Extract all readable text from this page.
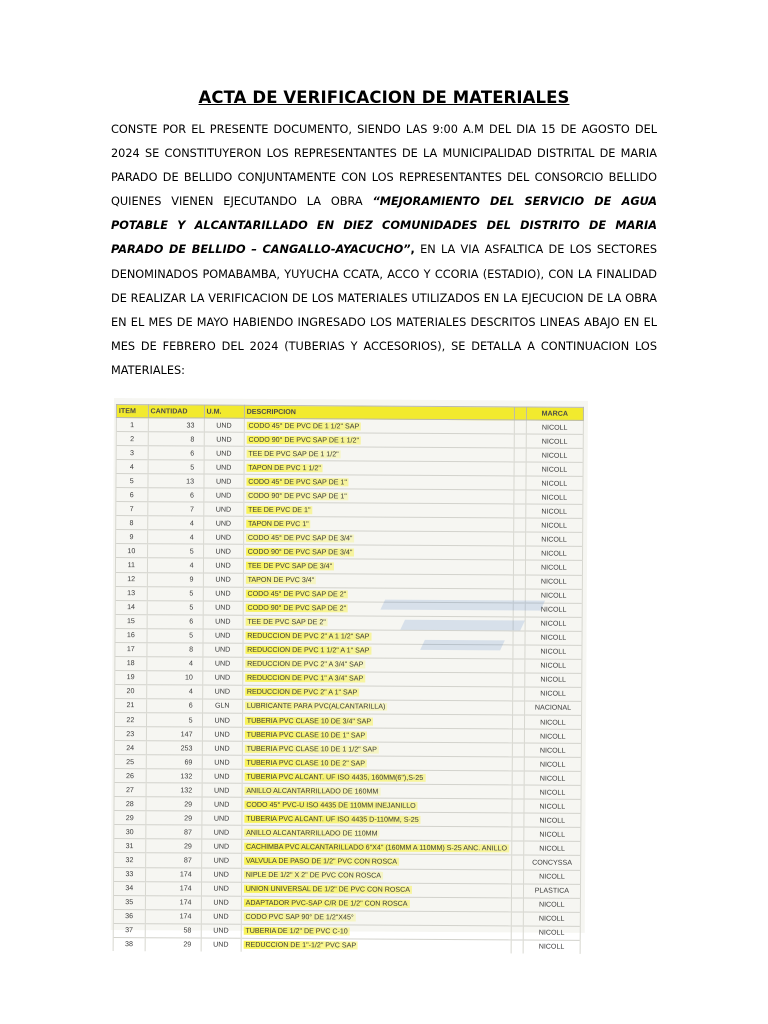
ACTA DE VERIFICACION DE MATERIALES
CONSTE POR EL PRESENTE DOCUMENTO, SIENDO LAS 9:00 A.M DEL DIA 15 DE AGOSTO DEL 2024 SE CONSTITUYERON LOS REPRESENTANTES DE LA MUNICIPALIDAD DISTRITAL DE MARIA PARADO DE BELLIDO CONJUNTAMENTE CON LOS REPRESENTANTES DEL CONSORCIO BELLIDO QUIENES VIENEN EJECUTANDO LA OBRA “MEJORAMIENTO DEL SERVICIO DE AGUA POTABLE Y ALCANTARILLADO EN DIEZ COMUNIDADES DEL DISTRITO DE MARIA PARADO DE BELLIDO – CANGALLO-AYACUCHO”, EN LA VIA ASFALTICA DE LOS SECTORES DENOMINADOS POMABAMBA, YUYUCHA CCATA, ACCO Y CCORIA (ESTADIO), CON LA FINALIDAD DE REALIZAR LA VERIFICACION DE LOS MATERIALES UTILIZADOS EN LA EJECUCION DE LA OBRA EN EL MES DE MAYO HABIENDO INGRESADO LOS MATERIALES DESCRITOS LINEAS ABAJO EN EL MES DE FEBRERO DEL 2024 (TUBERIAS Y ACCESORIOS), SE DETALLA A CONTINUACION LOS MATERIALES:
ITEM	CANTIDAD	U.M.	DESCRIPCION		MARCA
1	33	UND	CODO 45° DE PVC DE 1 1/2" SAP		NICOLL
2	8	UND	CODO 90° DE PVC SAP DE 1 1/2"		NICOLL
3	6	UND	TEE DE PVC SAP DE 1 1/2"		NICOLL
4	5	UND	TAPON DE PVC 1 1/2"		NICOLL
5	13	UND	CODO 45° DE PVC SAP DE 1"		NICOLL
6	6	UND	CODO 90° DE PVC SAP DE 1"		NICOLL
7	7	UND	TEE DE PVC DE 1"		NICOLL
8	4	UND	TAPON DE PVC 1"		NICOLL
9	4	UND	CODO 45° DE PVC SAP DE 3/4"		NICOLL
10	5	UND	CODO 90° DE PVC SAP DE 3/4"		NICOLL
11	4	UND	TEE DE PVC SAP DE 3/4"		NICOLL
12	9	UND	TAPON DE PVC 3/4"		NICOLL
13	5	UND	CODO 45° DE PVC SAP DE 2"		NICOLL
14	5	UND	CODO 90° DE PVC SAP DE 2"		NICOLL
15	6	UND	TEE DE PVC SAP DE 2"		NICOLL
16	5	UND	REDUCCION DE PVC 2" A 1 1/2" SAP		NICOLL
17	8	UND	REDUCCION DE PVC 1 1/2" A 1" SAP		NICOLL
18	4	UND	REDUCCION DE PVC 2" A 3/4" SAP		NICOLL
19	10	UND	REDUCCION DE PVC 1" A 3/4" SAP		NICOLL
20	4	UND	REDUCCION DE PVC 2" A 1" SAP		NICOLL
21	6	GLN	LUBRICANTE PARA PVC(ALCANTARILLA)		NACIONAL
22	5	UND	TUBERIA PVC CLASE 10 DE 3/4" SAP		NICOLL
23	147	UND	TUBERIA PVC CLASE 10 DE 1" SAP		NICOLL
24	253	UND	TUBERIA PVC CLASE 10 DE 1 1/2" SAP		NICOLL
25	69	UND	TUBERIA PVC CLASE 10 DE 2" SAP		NICOLL
26	132	UND	TUBERIA PVC ALCANT. UF ISO 4435, 160MM(6"),S-25		NICOLL
27	132	UND	ANILLO ALCANTARRILLADO DE 160MM		NICOLL
28	29	UND	CODO 45° PVC-U ISO 4435 DE 110MM INEJANILLO		NICOLL
29	29	UND	TUBERIA PVC ALCANT. UF ISO 4435 D-110MM, S-25		NICOLL
30	87	UND	ANILLO ALCANTARRILLADO DE 110MM		NICOLL
31	29	UND	CACHIMBA PVC ALCANTARILLADO 6"X4" (160MM A 110MM) S-25 ANC. ANILLO		NICOLL
32	87	UND	VALVULA DE PASO DE 1/2" PVC CON ROSCA		CONCYSSA
33	174	UND	NIPLE DE 1/2" X 2" DE PVC CON ROSCA		NICOLL
34	174	UND	UNION UNIVERSAL DE 1/2" DE PVC CON ROSCA		PLASTICA
35	174	UND	ADAPTADOR PVC-SAP C/R DE 1/2" CON ROSCA		NICOLL
36	174	UND	CODO PVC SAP 90° DE 1/2"X45°		NICOLL
37	58	UND	TUBERIA DE 1/2" DE PVC C-10		NICOLL
38	29	UND	REDUCCION DE 1"-1/2" PVC SAP		NICOLL
